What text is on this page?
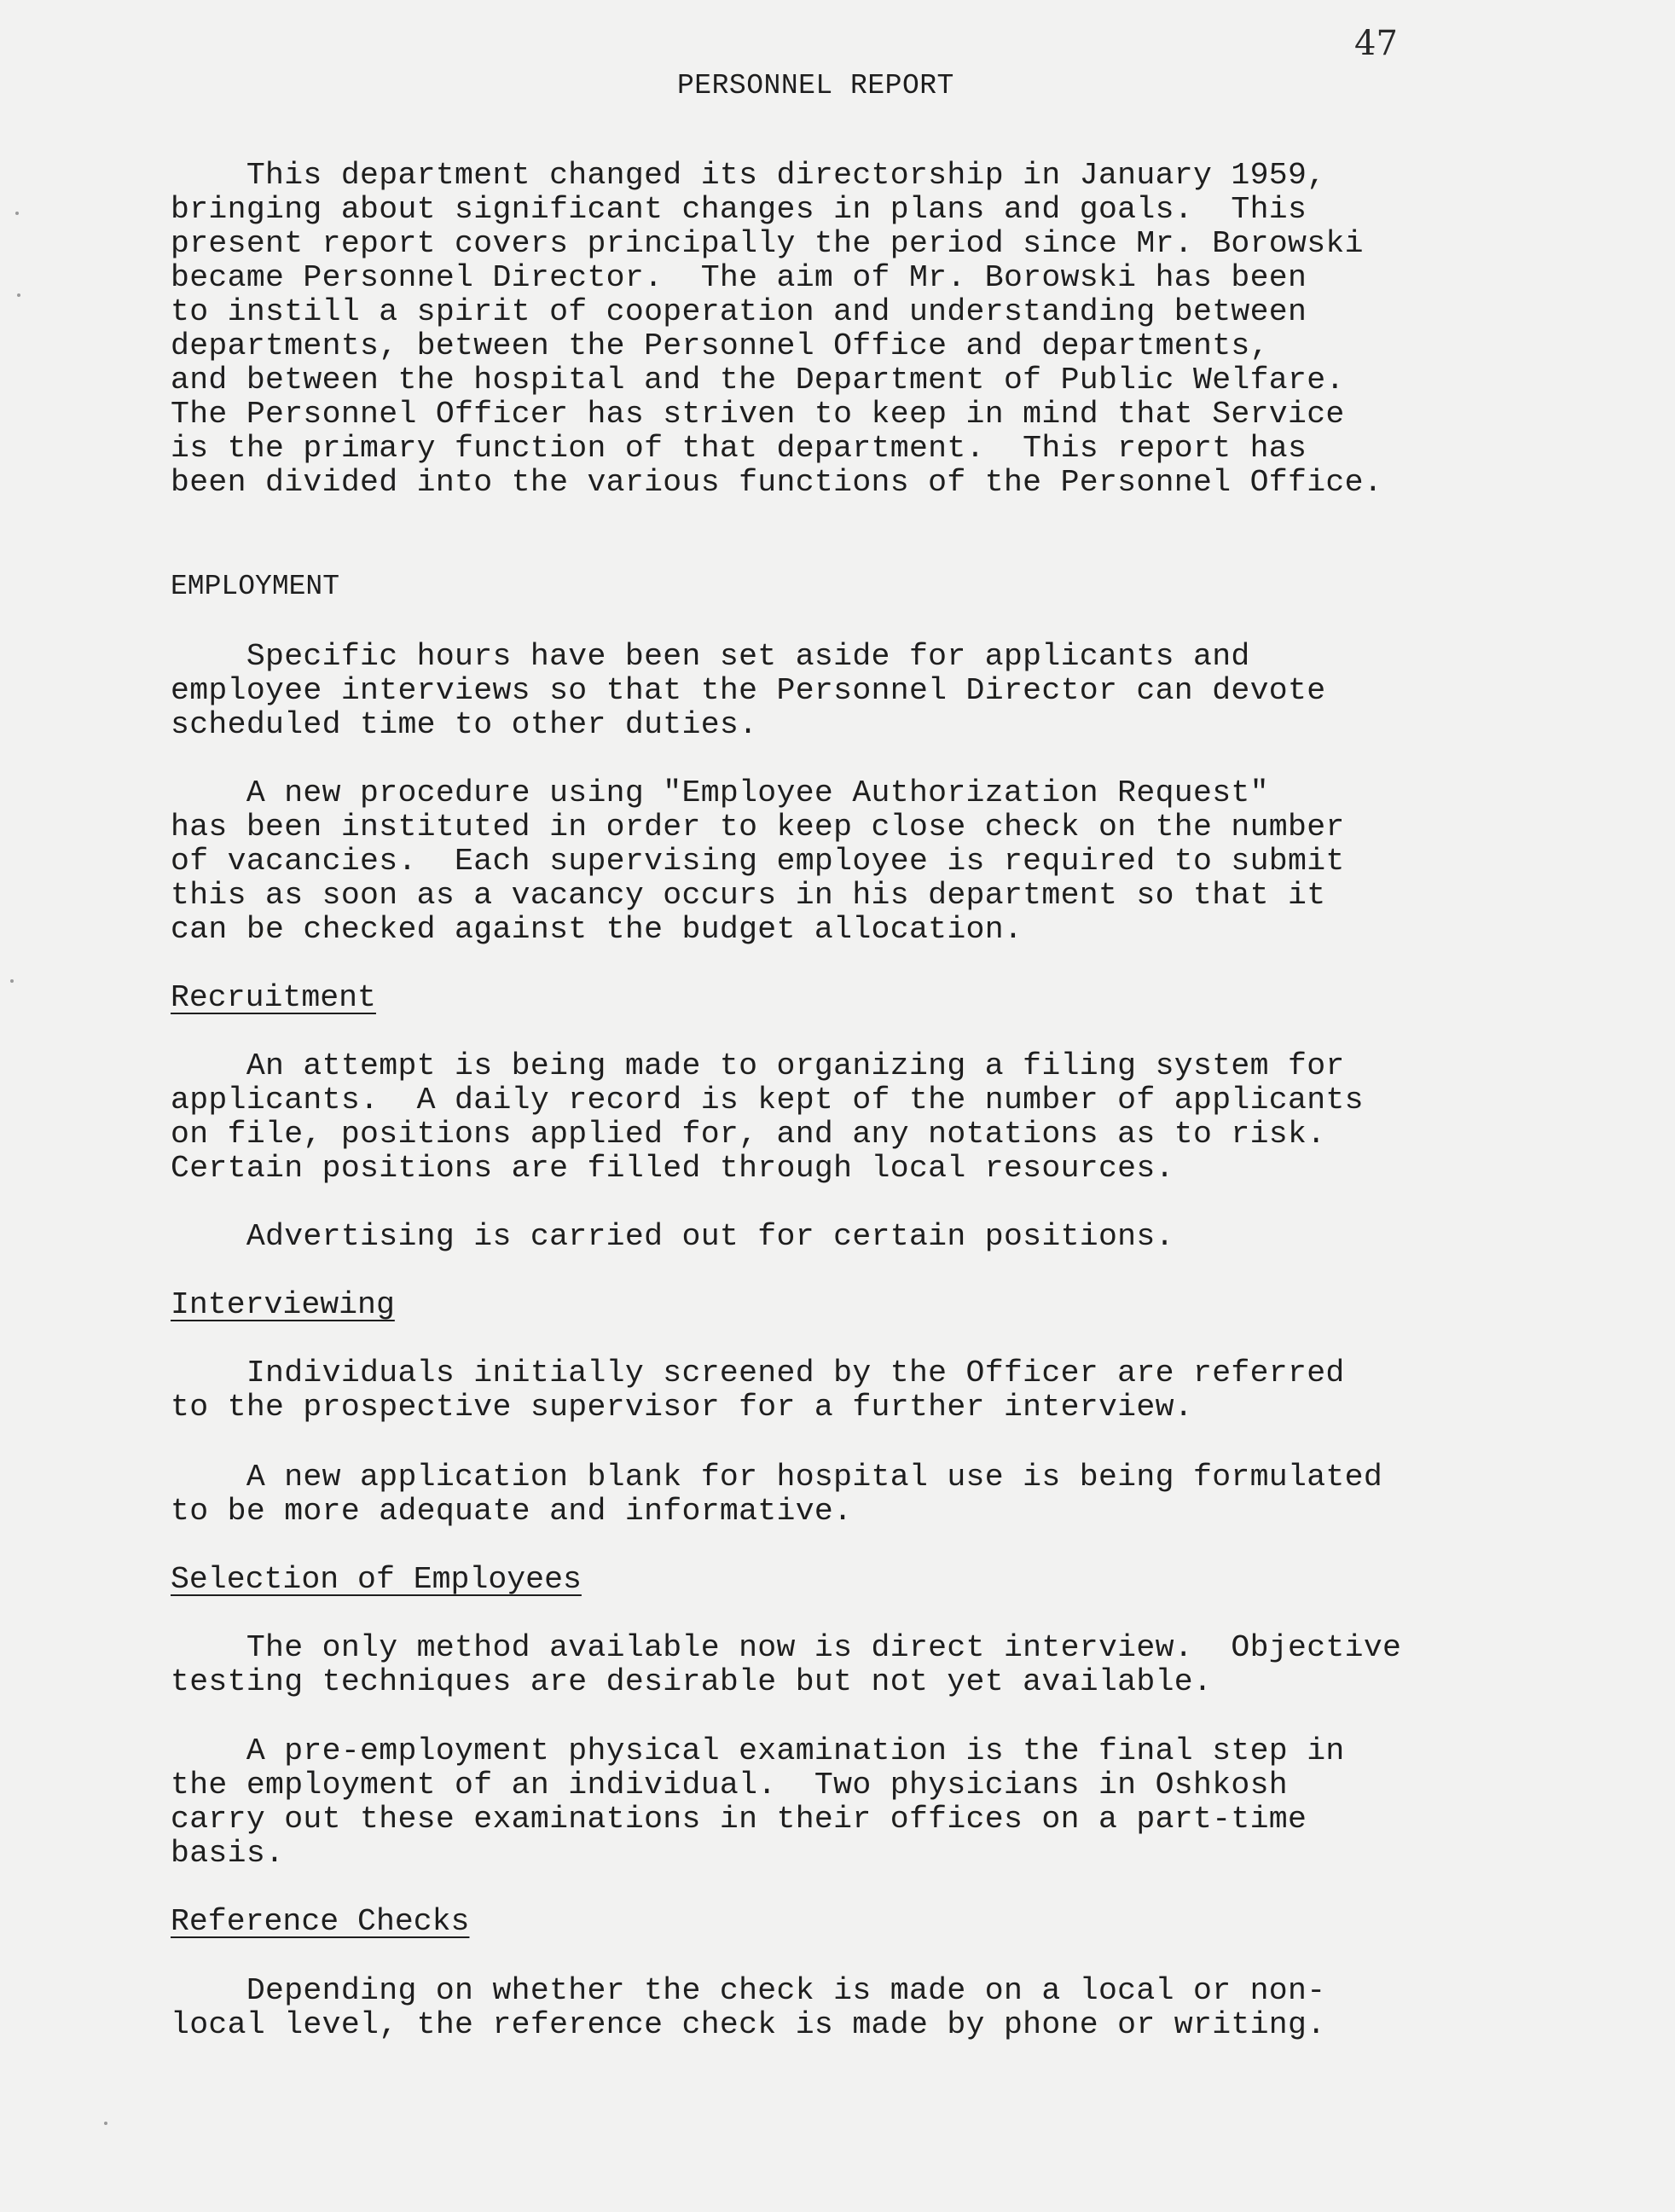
47
PERSONNEL REPORT
This department changed its directorship in January 1959,
bringing about significant changes in plans and goals.  This
present report covers principally the period since Mr. Borowski
became Personnel Director.  The aim of Mr. Borowski has been
to instill a spirit of cooperation and understanding between
departments, between the Personnel Office and departments,
and between the hospital and the Department of Public Welfare.
The Personnel Officer has striven to keep in mind that Service
is the primary function of that department.  This report has
been divided into the various functions of the Personnel Office.
EMPLOYMENT
Specific hours have been set aside for applicants and
employee interviews so that the Personnel Director can devote
scheduled time to other duties.
A new procedure using "Employee Authorization Request"
has been instituted in order to keep close check on the number
of vacancies.  Each supervising employee is required to submit
this as soon as a vacancy occurs in his department so that it
can be checked against the budget allocation.
Recruitment
An attempt is being made to organizing a filing system for
applicants.  A daily record is kept of the number of applicants
on file, positions applied for, and any notations as to risk.
Certain positions are filled through local resources.
Advertising is carried out for certain positions.
Interviewing
Individuals initially screened by the Officer are referred
to the prospective supervisor for a further interview.
A new application blank for hospital use is being formulated
to be more adequate and informative.
Selection of Employees
The only method available now is direct interview.  Objective
testing techniques are desirable but not yet available.
A pre-employment physical examination is the final step in
the employment of an individual.  Two physicians in Oshkosh
carry out these examinations in their offices on a part-time
basis.
Reference Checks
Depending on whether the check is made on a local or non-
local level, the reference check is made by phone or writing.
